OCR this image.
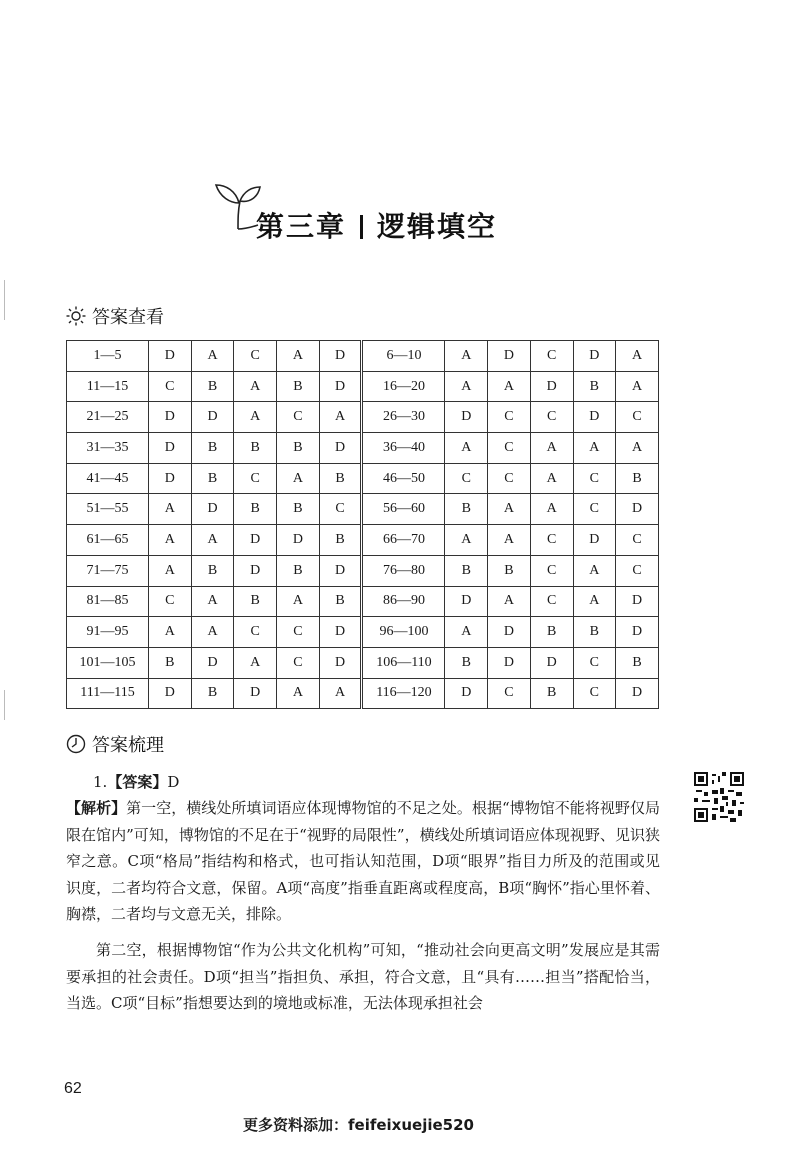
第三章 逻辑填空
答案查看
1—5	D	A	C	A	D	6—10	A	D	C	D	A
11—15	C	B	A	B	D	16—20	A	A	D	B	A
21—25	D	D	A	C	A	26—30	D	C	C	D	C
31—35	D	B	B	B	D	36—40	A	C	A	A	A
41—45	D	B	C	A	B	46—50	C	C	A	C	B
51—55	A	D	B	B	C	56—60	B	A	A	C	D
61—65	A	A	D	D	B	66—70	A	A	C	D	C
71—75	A	B	D	B	D	76—80	B	B	C	A	C
81—85	C	A	B	A	B	86—90	D	A	C	A	D
91—95	A	A	C	C	D	96—100	A	D	B	B	D
101—105	B	D	A	C	D	106—110	B	D	D	C	B
111—115	D	B	D	A	A	116—120	D	C	B	C	D
答案梳理
1.【答案】D
【解析】第一空，横线处所填词语应体现博物馆的不足之处。根据“博物馆不能将视野仅局限在馆内”可知，博物馆的不足在于“视野的局限性”，横线处所填词语应体现视野、见识狭窄之意。C项“格局”指结构和格式，也可指认知范围，D项“眼界”指目力所及的范围或见识度，二者均符合文意，保留。A项“高度”指垂直距离或程度高，B项“胸怀”指心里怀着、胸襟，二者均与文意无关，排除。
第二空，根据博物馆“作为公共文化机构”可知，“推动社会向更高文明”发展应是其需要承担的社会责任。D项“担当”指担负、承担，符合文意，且“具有……担当”搭配恰当，当选。C项“目标”指想要达到的境地或标准，无法体现承担社会
62
更多资料添加：feifeixuejie520
